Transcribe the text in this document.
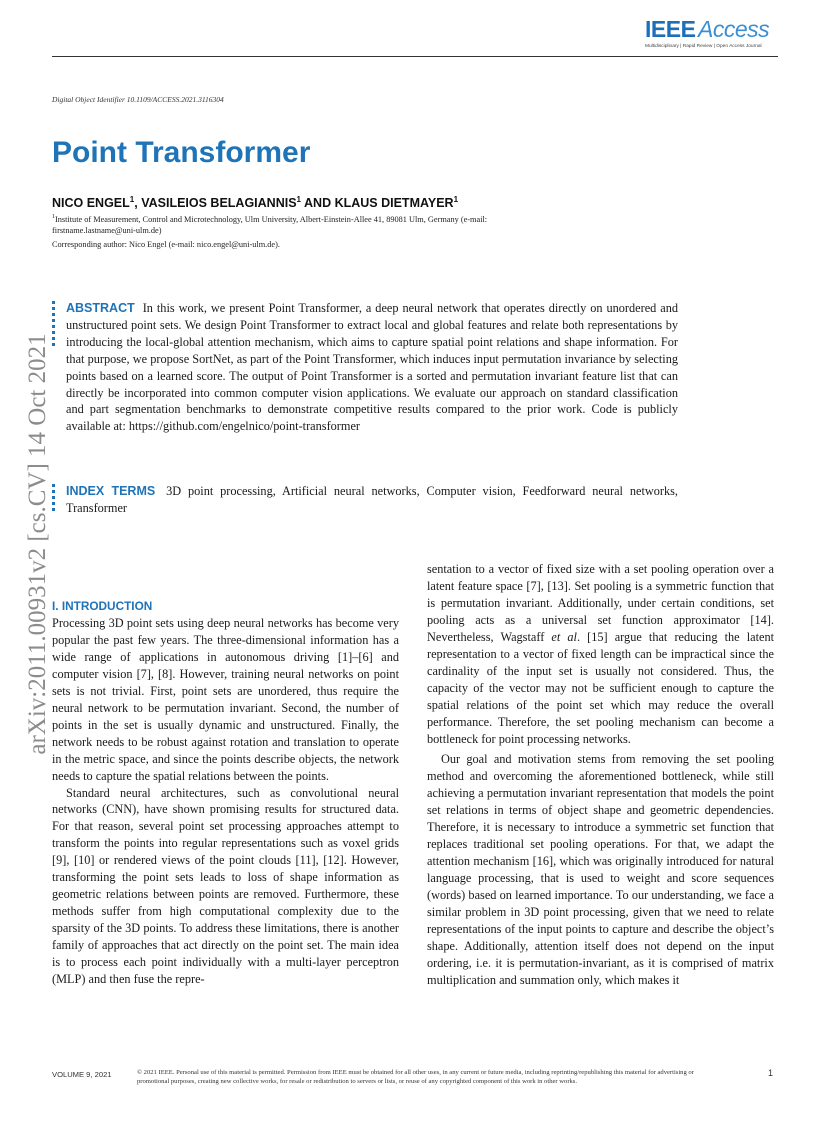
IEEE Access
Multidisciplinary | Rapid Review | Open Access Journal
Digital Object Identifier 10.1109/ACCESS.2021.3116304
Point Transformer
NICO ENGEL$^1$, VASILEIOS BELAGIANNIS$^1$ AND KLAUS DIETMAYER$^1$
$^1$Institute of Measurement, Control and Microtechnology, Ulm University, Albert-Einstein-Allee 41, 89081 Ulm, Germany (e-mail: firstname.lastname@uni-ulm.de)
Corresponding author: Nico Engel (e-mail: nico.engel@uni-ulm.de).
arXiv:2011.00931v2 [cs.CV] 14 Oct 2021
ABSTRACT In this work, we present Point Transformer, a deep neural network that operates directly on unordered and unstructured point sets. We design Point Transformer to extract local and global features and relate both representations by introducing the local-global attention mechanism, which aims to capture spatial point relations and shape information. For that purpose, we propose SortNet, as part of the Point Transformer, which induces input permutation invariance by selecting points based on a learned score. The output of Point Transformer is a sorted and permutation invariant feature list that can directly be incorporated into common computer vision applications. We evaluate our approach on standard classification and part segmentation benchmarks to demonstrate competitive results compared to the prior work. Code is publicly available at: https://github.com/engelnico/point-transformer
INDEX TERMS 3D point processing, Artificial neural networks, Computer vision, Feedforward neural networks, Transformer
I. INTRODUCTION

Processing 3D point sets using deep neural networks has become very popular the past few years. The three-dimensional information has a wide range of applications in autonomous driving [1]–[6] and computer vision [7], [8]. However, training neural networks on point sets is not trivial. First, point sets are unordered, thus require the neural network to be permutation invariant. Second, the number of points in the set is usually dynamic and unstructured. Finally, the network needs to be robust against rotation and translation to operate in the metric space, and since the points describe objects, the network needs to capture the spatial relations between the points.

Standard neural architectures, such as convolutional neural networks (CNN), have shown promising results for structured data. For that reason, several point set processing approaches attempt to transform the points into regular representations such as voxel grids [9], [10] or rendered views of the point clouds [11], [12]. However, transforming the point sets leads to loss of shape information as geometric relations between points are removed. Furthermore, these methods suffer from high computational complexity due to the sparsity of the 3D points. To address these limitations, there is another family of approaches that act directly on the point set. The main idea is to process each point individually with a multi-layer perceptron (MLP) and then fuse the repre-

sentation to a vector of fixed size with a set pooling operation over a latent feature space [7], [13]. Set pooling is a symmetric function that is permutation invariant. Additionally, under certain conditions, set pooling acts as a universal set function approximator [14]. Nevertheless, Wagstaff et al. [15] argue that reducing the latent representation to a vector of fixed length can be impractical since the cardinality of the input set is usually not considered. Thus, the capacity of the vector may not be sufficient enough to capture the spatial relations of the point set which may reduce the overall performance. Therefore, the set pooling mechanism can become a bottleneck for point processing networks.

Our goal and motivation stems from removing the set pooling method and overcoming the aforementioned bottleneck, while still achieving a permutation invariant representation that models the point set relations in terms of object shape and geometric dependencies. Therefore, it is necessary to introduce a symmetric set function that replaces traditional set pooling operations. For that, we adapt the attention mechanism [16], which was originally introduced for natural language processing, that is used to weight and score sequences (words) based on learned importance. To our understanding, we face a similar problem in 3D point processing, given that we need to relate representations of the input points to capture and describe the object’s shape. Additionally, attention itself does not depend on the input ordering, i.e. it is permutation-invariant, as it is comprised of matrix multiplication and summation only, which makes it

VOLUME 9, 2021	© 2021 IEEE. Personal use of this material is permitted. Permission from IEEE must be obtained for all other uses, in any current or future media, including reprinting/republishing this material for advertising or promotional purposes, creating new collective works, for resale or redistribution to servers or lists, or reuse of any copyrighted component of this work in other works.
1
